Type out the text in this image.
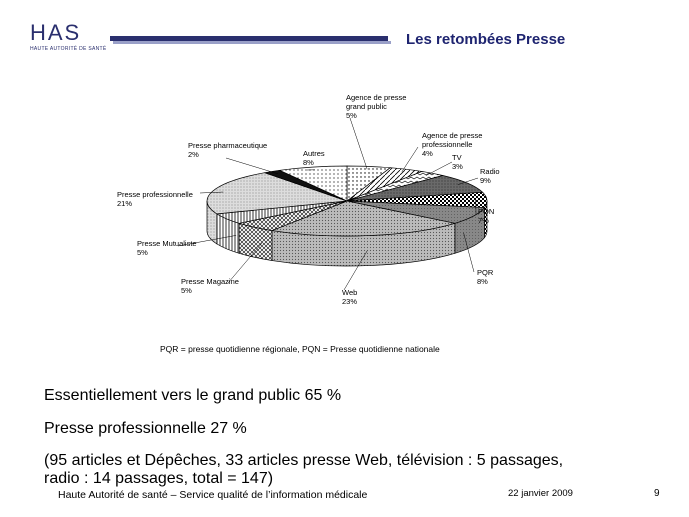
HAS
HAUTE AUTORITÉ DE SANTÉ
Les retombées Presse
Agence de presse
grand public
5%
Agence de presse
professionnelle
4%	TV
3%
Radio
9%
PQN
7%
PQR
8%
Web
23%
Presse Magazine
5%
Presse Mutualiste
5%
Presse professionnelle
21%
Presse pharmaceutique
2%	Autres
8%
PQR = presse quotidienne régionale, PQN = Presse quotidienne nationale
Essentiellement vers le grand public 65 %
Presse professionnelle 27 %
(95 articles et Dépêches, 33 articles presse Web, télévision : 5 passages,
radio : 14 passages, total = 147)
Haute Autorité de santé – Service qualité de l’information médicale	22 janvier 2009	9
